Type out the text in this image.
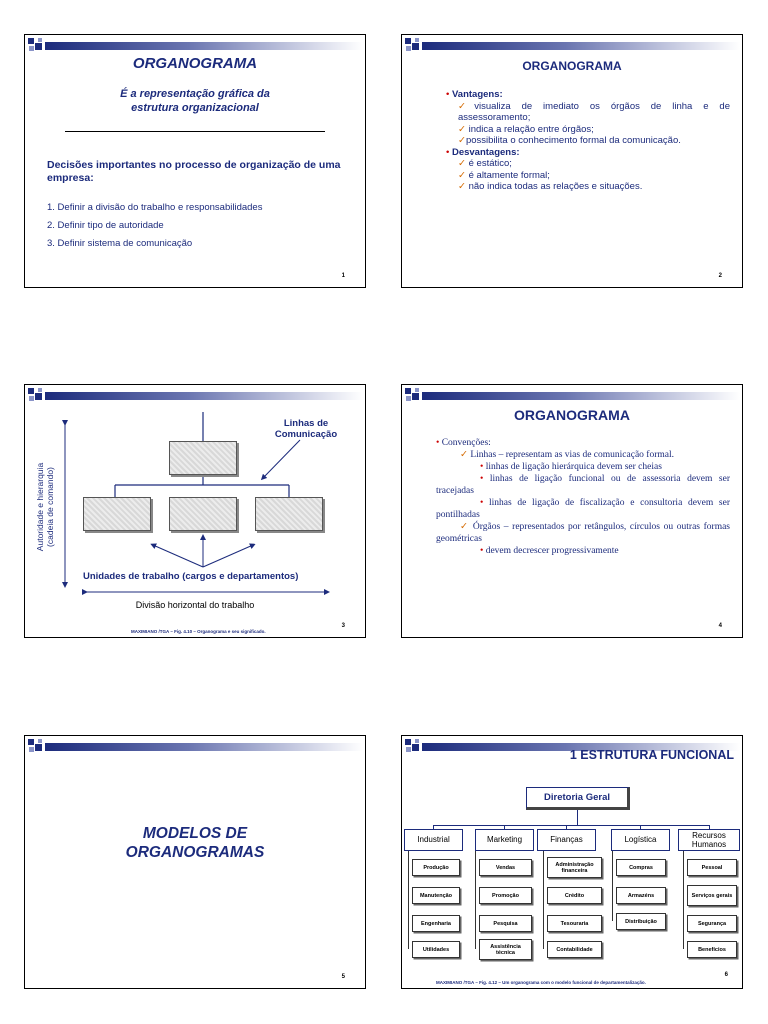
ORGANOGRAMA
É a representação gráfica da estrutura organizacional
Decisões importantes no processo de organização de uma empresa:
1. Definir a divisão do trabalho e responsabilidades
2. Definir tipo de autoridade
3. Definir sistema de comunicação
1
ORGANOGRAMA
• Vantagens:
✓visualiza de imediato os órgãos de linha e de assessoramento;
✓ indica a relação entre órgãos;
✓possibilita o conhecimento formal da comunicação.
• Desvantagens:
✓ é estático;
✓ é altamente formal;
✓ não indica todas as relações e situações.
2
Linhas de Comunicação
Autoridade e hierarquia (cadeia de comando)
Unidades de trabalho (cargos e departamentos)
Divisão horizontal do trabalho
MAXIMIANO /TGA – Fig. 4.10 – Organograma e seu significado.
3
ORGANOGRAMA
• Convenções:
✓ Linhas – representam as vias de comunicação formal.
• linhas de ligação hierárquica devem ser cheias
• linhas de ligação funcional ou de assessoria devem ser tracejadas
• linhas de ligação de fiscalização e consultoria devem ser pontilhadas
✓ Órgãos – representados por retângulos, círculos ou outras formas geométricas
• devem decrescer progressivamente
4
MODELOS DE ORGANOGRAMAS
5
1 ESTRUTURA FUNCIONAL
Diretoria Geral
Industrial	Marketing	Finanças	Logística	Recursos Humanos
Produção
Manutenção
Engenharia
Utilidades
Vendas
Promoção
Pesquisa
Assistência técnica
Administração financeira
Crédito
Tesouraria
Contabilidade
Compras
Armazéns
Distribuição
Pessoal
Serviços gerais
Segurança
Benefícios
MAXIMIANO /TGA – Fig. 4.12 – Um organograma com o modelo funcional de departamentalização.
6
